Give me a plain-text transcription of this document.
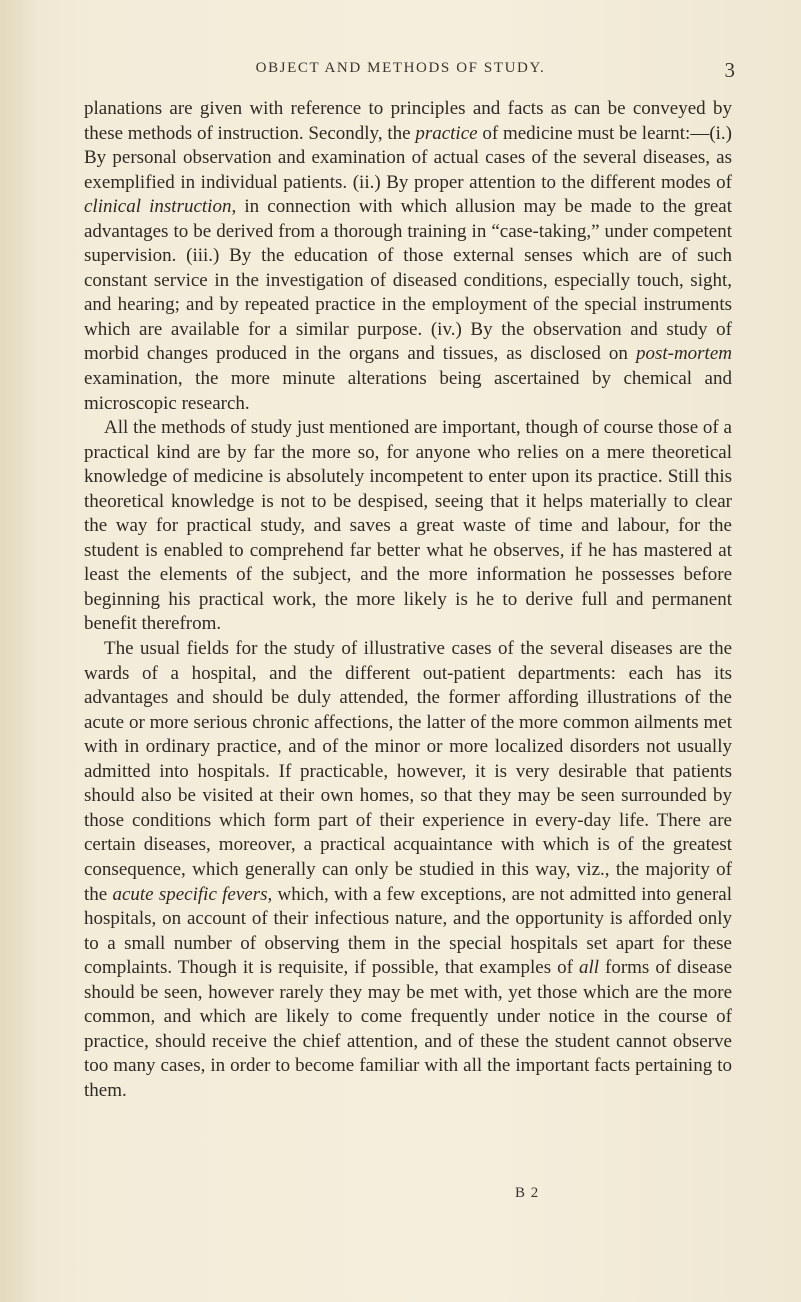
OBJECT AND METHODS OF STUDY.	3

planations are given with reference to principles and facts as can be conveyed by these methods of instruction. Secondly, the practice of medicine must be learnt:—(i.) By personal observation and examination of actual cases of the several diseases, as exemplified in individual patients. (ii.) By proper attention to the different modes of clinical instruction, in connection with which allusion may be made to the great advantages to be derived from a thorough training in “case-taking,” under competent supervision. (iii.) By the education of those external senses which are of such constant service in the investigation of diseased conditions, especially touch, sight, and hearing; and by repeated practice in the employment of the special instruments which are available for a similar purpose. (iv.) By the observation and study of morbid changes produced in the organs and tissues, as disclosed on post-mortem examination, the more minute alterations being ascertained by chemical and microscopic research.

All the methods of study just mentioned are important, though of course those of a practical kind are by far the more so, for anyone who relies on a mere theoretical knowledge of medicine is absolutely incompetent to enter upon its practice. Still this theoretical knowledge is not to be despised, seeing that it helps materially to clear the way for practical study, and saves a great waste of time and labour, for the student is enabled to comprehend far better what he observes, if he has mastered at least the elements of the subject, and the more information he possesses before beginning his practical work, the more likely is he to derive full and permanent benefit therefrom.

The usual fields for the study of illustrative cases of the several diseases are the wards of a hospital, and the different out-patient departments: each has its advantages and should be duly attended, the former affording illustrations of the acute or more serious chronic affections, the latter of the more common ailments met with in ordinary practice, and of the minor or more localized disorders not usually admitted into hospitals. If practicable, however, it is very desirable that patients should also be visited at their own homes, so that they may be seen surrounded by those conditions which form part of their experience in every-day life. There are certain diseases, moreover, a practical acquaintance with which is of the greatest consequence, which generally can only be studied in this way, viz., the majority of the acute specific fevers, which, with a few exceptions, are not admitted into general hospitals, on account of their infectious nature, and the opportunity is afforded only to a small number of observing them in the special hospitals set apart for these complaints. Though it is requisite, if possible, that examples of all forms of disease should be seen, however rarely they may be met with, yet those which are the more common, and which are likely to come frequently under notice in the course of practice, should receive the chief attention, and of these the student cannot observe too many cases, in order to become familiar with all the important facts pertaining to them.

B 2
